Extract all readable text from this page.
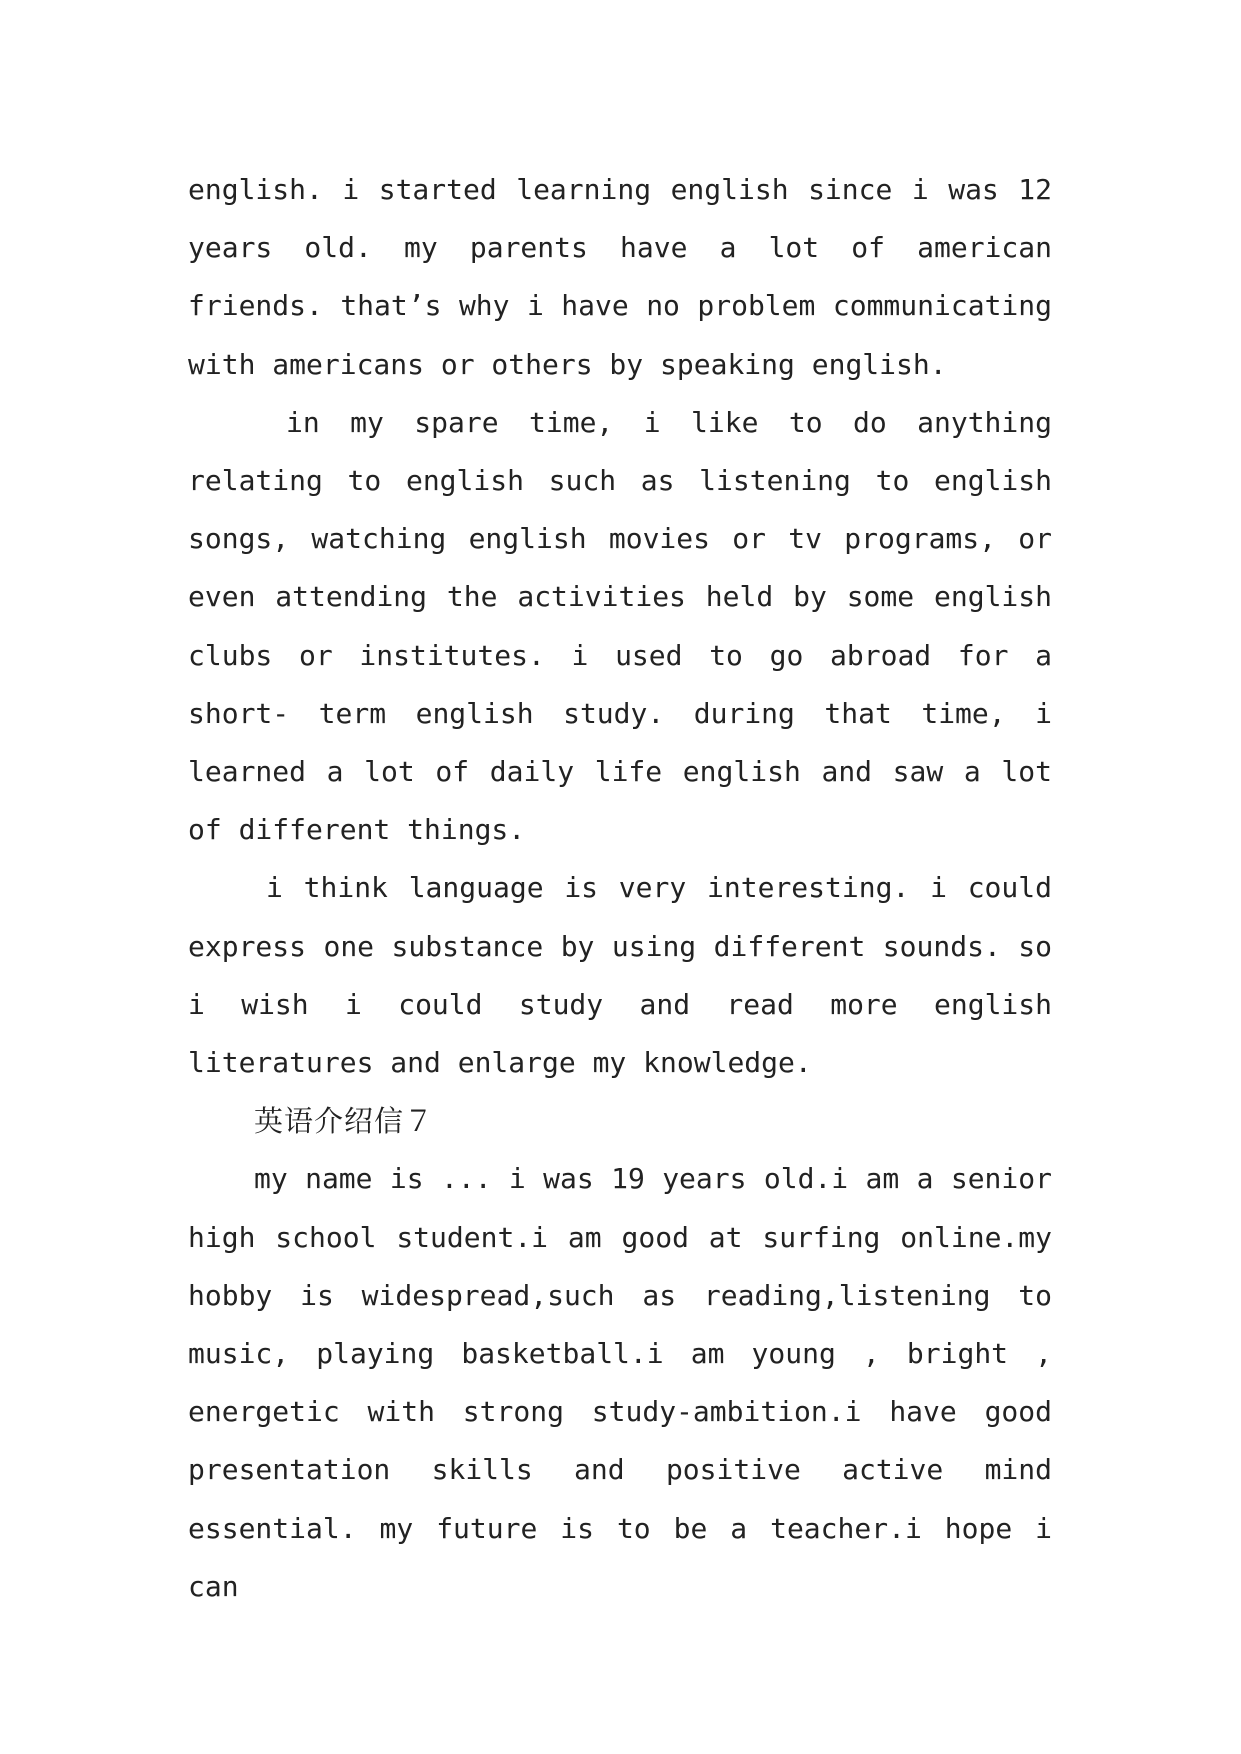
english. i started learning english since i was 12 years old. my parents have a lot of american friends. that’s why i have no problem communicating with americans or others by speaking english.

in my spare time, i like to do anything relating to english such as listening to english songs, watching english movies or tv programs, or even attending the activities held by some english clubs or institutes. i used to go abroad for a short- term english study. during that time, i learned a lot of daily life english and saw a lot of different things.

i think language is very interesting. i could express one substance by using different sounds. so i wish i could study and read more english literatures and enlarge my knowledge.

英语介绍信７

my name is ... i was 19 years old.i am a senior high school student.i am good at surfing online.my hobby is widespread,such as reading,listening to music, playing basketball.i am young , bright , energetic with strong study-ambition.i have good presentation skills and positive active mind essential. my future is to be a teacher.i hope i can
